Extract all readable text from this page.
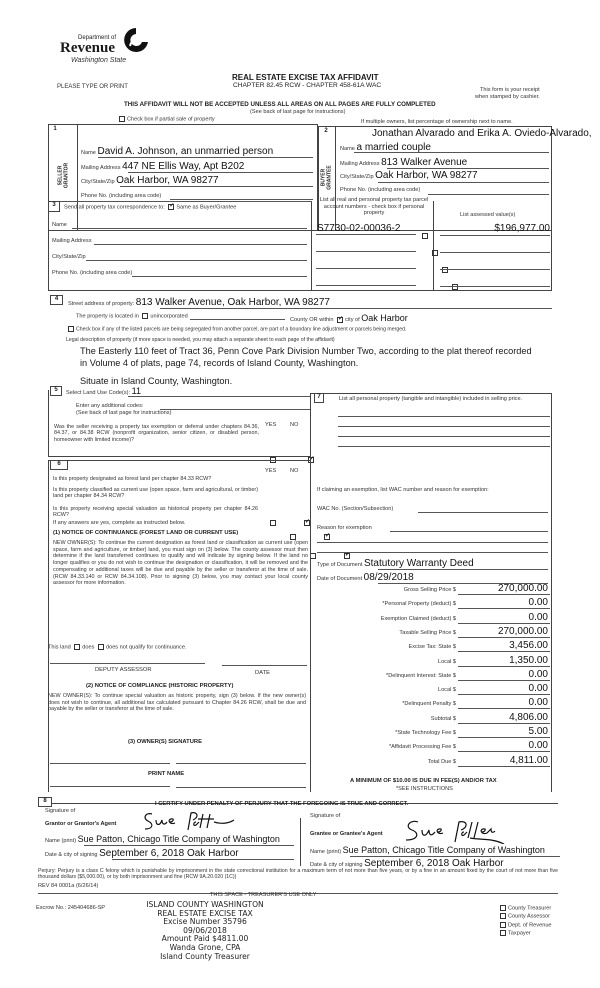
Department of
Revenue
Washington State
PLEASE TYPE OR PRINT
REAL ESTATE EXCISE TAX AFFIDAVIT
CHAPTER 82.45 RCW - CHAPTER 458-61A WAC
This form is your receipt
when stamped by cashier.
THIS AFFIDAVIT WILL NOT BE ACCEPTED UNLESS ALL AREAS ON ALL PAGES ARE FULLY COMPLETED
(See back of last page for instructions)
Check box if partial sale of property	If multiple owners, list percentage of ownership next to name.
1
SELLER GRANTOR
Name David A. Johnson, an unmarried person
Mailing Address 447 NE Ellis Way, Apt B202
City/State/Zip Oak Harbor, WA 98277
Phone No. (including area code)
2
BUYER GRANTEE
Jonathan Alvarado and Erika A. Oviedo-Alvarado,
Name a married couple
Mailing Address 813 Walker Avenue
City/State/Zip Oak Harbor, WA 98277
Phone No. (including area code)
3	Send all property tax correspondence to: ✓ Same as Buyer/Grantee
Name
Mailing Address
City/State/Zip
Phone No. (including area code)
List all real and personal property tax parcel account numbers - check box if personal property	List assessed value(s)
S7730-02-00036-2	$196,977.00
4
Street address of property: 813 Walker Avenue, Oak Harbor, WA 98277
The property is located in unincorporated
County OR within ✓ city of Oak Harbor
Check box if any of the listed parcels are being segregated from another parcel, are part of a boundary line adjustment or parcels being merged.
Legal description of property (if more space is needed, you may attach a separate sheet to each page of the affidavit)
The Easterly 110 feet of Tract 36, Penn Cove Park Division Number Two, according to the plat thereof recorded
in Volume 4 of plats, page 74, records of Island County, Washington.
Situate in Island County, Washington.
5	Select Land Use Code(s): 11
Enter any additional codes:
(See back of last page for instructions)
YES NO
Was the seller receiving a property tax exemption or deferral under chapters 84.36, 84.37, or 84.38 RCW (nonprofit organization, senior citizen, or disabled person, homeowner with limited income)?
✓
6
YES NO
Is this property designated as forest land per chapter 84.33 RCW?
✓
Is this property classified as current use (open space, farm and agricultural, or timber) land per chapter 84.34 RCW?
✓
Is this property receiving special valuation as historical property per chapter 84.26 RCW?
✓
If any answers are yes, complete as instructed below.
(1) NOTICE OF CONTINUANCE (FOREST LAND OR CURRENT USE)
NEW OWNER(S): To continue the current designation as forest land or classification as current use (open space, farm and agriculture, or timber) land, you must sign on (3) below. The county assessor must then determine if the land transferred continues to qualify and will indicate by signing below. If the land no longer qualifies or you do not wish to continue the designation or classification, it will be removed and the compensating or additional taxes will be due and payable by the seller or transferor at the time of sale. (RCW 84.33.140 or RCW 84.34.108). Prior to signing (3) below, you may contact your local county assessor for more information.
This land does does not qualify for continuance.
DEPUTY ASSESSOR	DATE
(2) NOTICE OF COMPLIANCE (HISTORIC PROPERTY)
NEW OWNER(S): To continue special valuation as historic property, sign (3) below. If the new owner(s) does not wish to continue, all additional tax calculated pursuant to Chapter 84.26 RCW, shall be due and payable by the seller or transferor at the time of sale.
(3) OWNER(S) SIGNATURE
PRINT NAME
7	List all personal property (tangible and intangible) included in selling price.
If claiming an exemption, list WAC number and reason for exemption:
WAC No. (Section/Subsection)
Reason for exemption
Type of Document Statutory Warranty Deed
Date of Document 08/29/2018
Gross Selling Price $	270,000.00
*Personal Property (deduct) $	0.00
Exemption Claimed (deduct) $	0.00
Taxable Selling Price $	270,000.00
Excise Tax: State $	3,456.00
Local $	1,350.00
*Delinquent Interest: State $	0.00
Local $	0.00
*Delinquent Penalty $	0.00
Subtotal $	4,806.00
*State Technology Fee $	5.00
*Affidavit Processing Fee $	0.00
Total Due $	4,811.00
A MINIMUM OF $10.00 IS DUE IN FEE(S) AND/OR TAX
*SEE INSTRUCTIONS
8	I CERTIFY UNDER PENALTY OF PERJURY THAT THE FOREGOING IS TRUE AND CORRECT.
Signature of
Grantor or Grantor's Agent
Name (print) Sue Patton, Chicago Title Company of Washington
Date & city of signing September 6, 2018 Oak Harbor
Signature of
Grantee or Grantee's Agent
Name (print) Sue Patton, Chicago Title Company of Washington
Date & city of signing September 6, 2018 Oak Harbor
Perjury: Perjury is a class C felony which is punishable by imprisonment in the state correctional institution for a maximum term of not more than five years, or by a fine in an amount fixed by the court of not more than five thousand dollars ($5,000.00), or by both imprisonment and fine (RCW 9A.20.020 (1C))
REV 84 0001a (6/26/14)
THIS SPACE - TREASURER'S USE ONLY
Escrow No.: 245404686-SP	ISLAND COUNTY WASHINGTON
REAL ESTATE EXCISE TAX
Excise Number 35796
09/06/2018
Amount Paid $4811.00
Wanda Grone, CPA
Island County Treasurer
County Treasurer
County Assessor
Dept. of Revenue
Taxpayer
